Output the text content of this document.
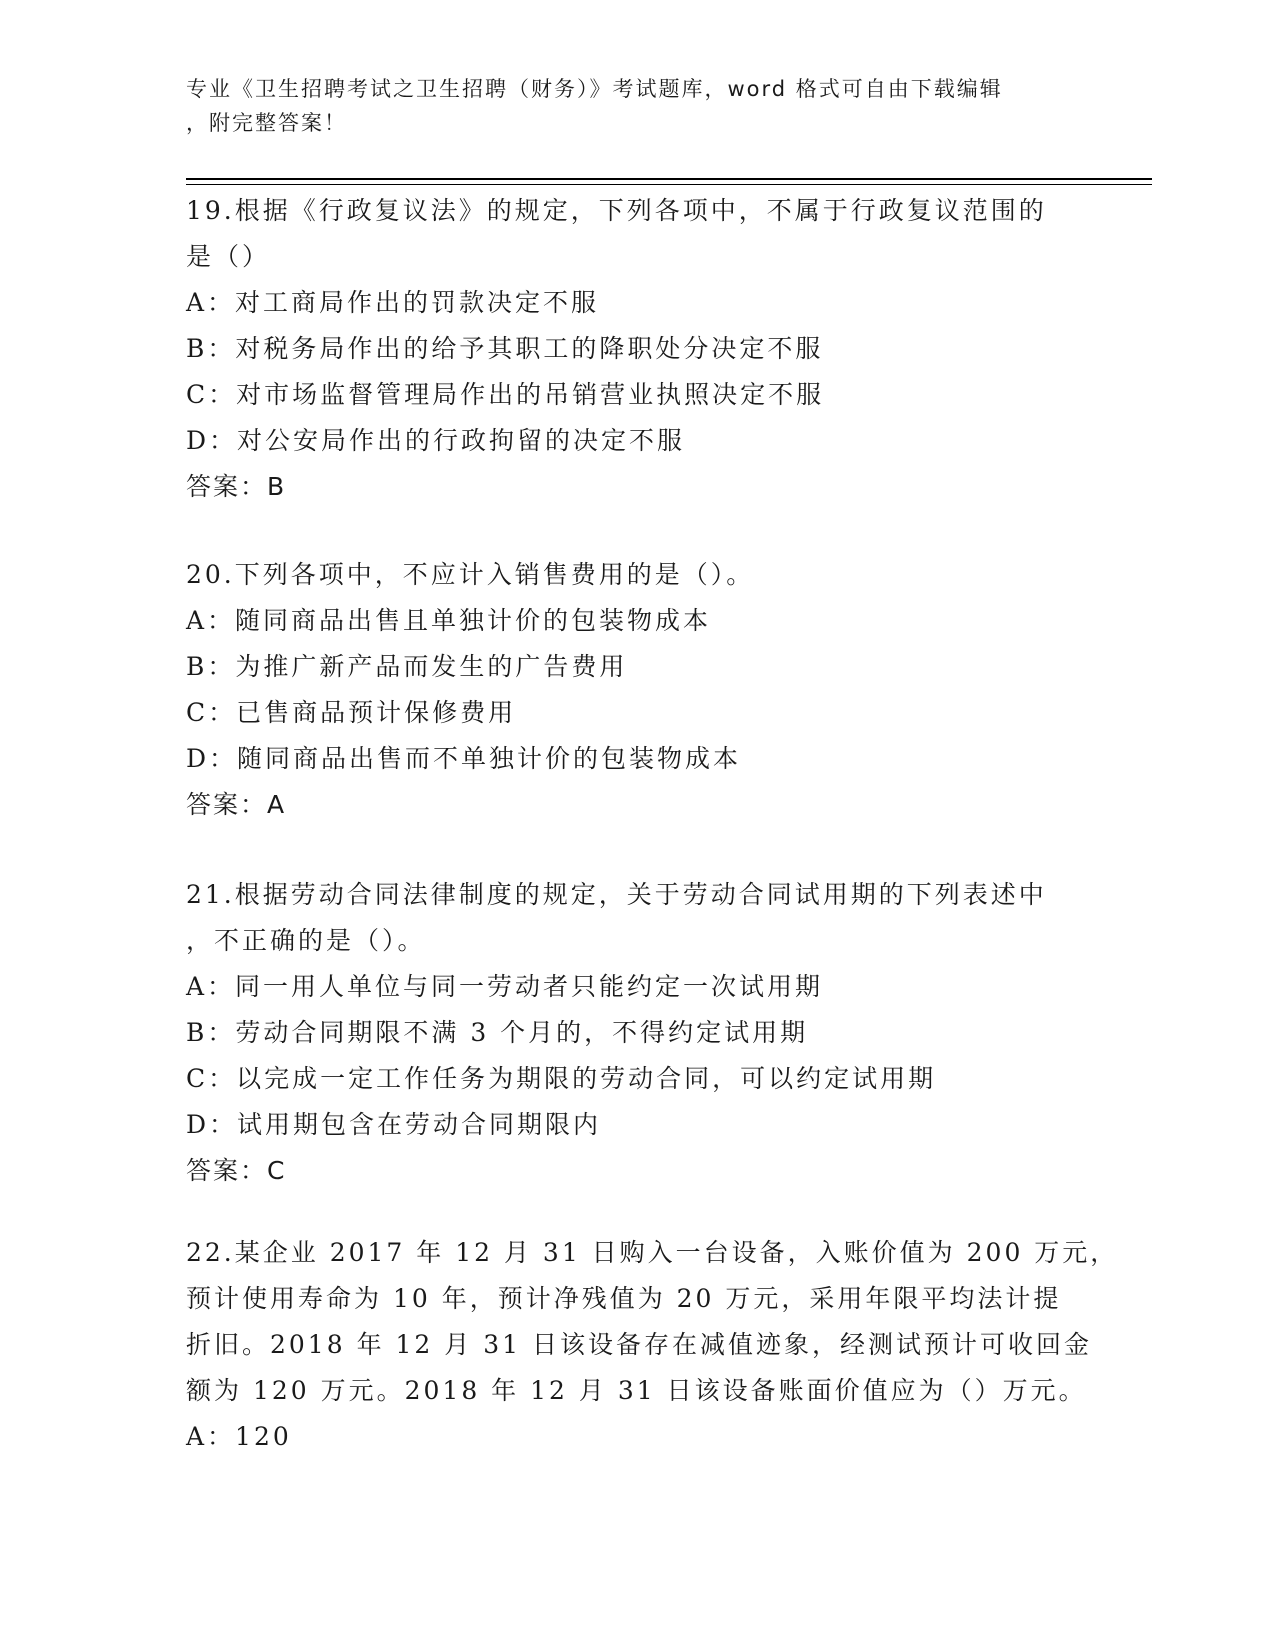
专业《卫生招聘考试之卫生招聘（财务）》考试题库，word 格式可自由下载编辑
，附完整答案！
19.根据《行政复议法》的规定，下列各项中，不属于行政复议范围的
是（）
A：对工商局作出的罚款决定不服
B：对税务局作出的给予其职工的降职处分决定不服
C：对市场监督管理局作出的吊销营业执照决定不服
D：对公安局作出的行政拘留的决定不服
答案：B
20.下列各项中，不应计入销售费用的是（）。
A：随同商品出售且单独计价的包装物成本
B：为推广新产品而发生的广告费用
C：已售商品预计保修费用
D：随同商品出售而不单独计价的包装物成本
答案：A
21.根据劳动合同法律制度的规定，关于劳动合同试用期的下列表述中
，不正确的是（）。
A：同一用人单位与同一劳动者只能约定一次试用期
B：劳动合同期限不满 3 个月的，不得约定试用期
C：以完成一定工作任务为期限的劳动合同，可以约定试用期
D：试用期包含在劳动合同期限内
答案：C
22.某企业 2017 年 12 月 31 日购入一台设备，入账价值为 200 万元，
预计使用寿命为 10 年，预计净残值为 20 万元，采用年限平均法计提
折旧。2018 年 12 月 31 日该设备存在减值迹象，经测试预计可收回金
额为 120 万元。2018 年 12 月 31 日该设备账面价值应为（）万元。
A：120
